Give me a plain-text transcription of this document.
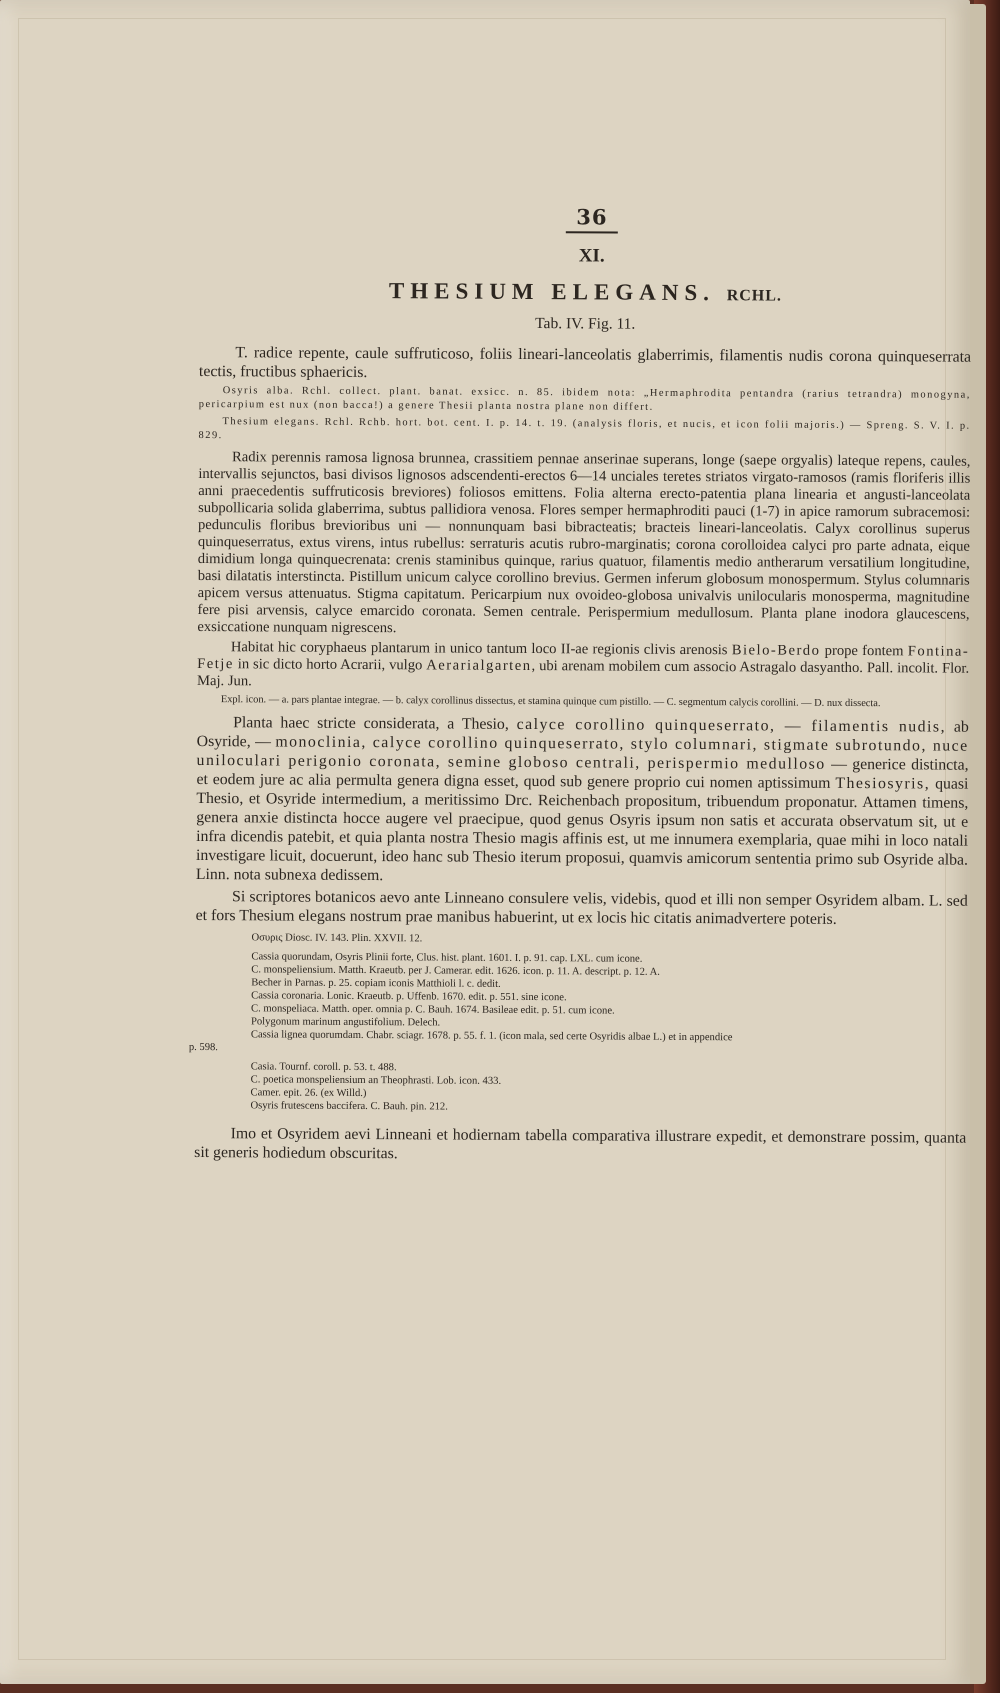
36
XI.
THESIUM ELEGANS. RCHL.
Tab. IV. Fig. 11.

T. radice repente, caule suffruticoso, foliis lineari-lanceolatis glaberrimis, filamentis nudis corona quinqueserrata tectis, fructibus sphaericis.

Osyris alba. Rchl. collect. plant. banat. exsicc. n. 85. ibidem nota: „Hermaphrodita pentandra (rarius tetrandra) monogyna, pericarpium est nux (non bacca!) a genere Thesii planta nostra plane non differt.

Thesium elegans. Rchl. Rchb. hort. bot. cent. I. p. 14. t. 19. (analysis floris, et nucis, et icon folii majoris.) — Spreng. S. V. I. p. 829.

Radix perennis ramosa lignosa brunnea, crassitiem pennae anserinae superans, longe (saepe orgyalis) lateque repens, caules, intervallis sejunctos, basi divisos lignosos adscendenti-erectos 6—14 unciales teretes striatos virgato-ramosos (ramis floriferis illis anni praecedentis suffruticosis breviores) foliosos emittens. Folia alterna erecto-patentia plana linearia et angusti-lanceolata subpollicaria solida glaberrima, subtus pallidiora venosa. Flores semper hermaphroditi pauci (1-7) in apice ramorum subracemosi: pedunculis floribus brevioribus uni — nonnunquam basi bibracteatis; bracteis lineari-lanceolatis. Calyx corollinus superus quinqueserratus, extus virens, intus rubellus: serraturis acutis rubro-marginatis; corona corolloidea calyci pro parte adnata, eique dimidium longa quinquecrenata: crenis staminibus quinque, rarius quatuor, filamentis medio antherarum versatilium longitudine, basi dilatatis interstincta. Pistillum unicum calyce corollino brevius. Germen inferum globosum monospermum. Stylus columnaris apicem versus attenuatus. Stigma capitatum. Pericarpium nux ovoideo-globosa univalvis unilocularis monosperma, magnitudine fere pisi arvensis, calyce emarcido coronata. Semen centrale. Perispermium medullosum. Planta plane inodora glaucescens, exsiccatione nunquam nigrescens.

Habitat hic coryphaeus plantarum in unico tantum loco II-ae regionis clivis arenosis Bielo-Berdo prope fontem Fontina-Fetje in sic dicto horto Acrarii, vulgo Aerarialgarten, ubi arenam mobilem cum associo Astragalo dasyantho. Pall. incolit. Flor. Maj. Jun.

Expl. icon. — a. pars plantae integrae. — b. calyx corollinus dissectus, et stamina quinque cum pistillo. — C. segmentum calycis corollini. — D. nux dissecta.

Planta haec stricte considerata, a Thesio, calyce corollino quinqueserrato, — filamentis nudis, ab Osyride, — monoclinia, calyce corollino quinqueserrato, stylo columnari, stigmate subrotundo, nuce uniloculari perigonio coronata, semine globoso centrali, perispermio medulloso — generice distincta, et eodem jure ac alia permulta genera digna esset, quod sub genere proprio cui nomen aptissimum Thesiosyris, quasi Thesio, et Osyride intermedium, a meritissimo Drc. Reichenbach propositum, tribuendum proponatur. Attamen timens, genera anxie distincta hocce augere vel praecipue, quod genus Osyris ipsum non satis et accurata observatum sit, ut e infra dicendis patebit, et quia planta nostra Thesio magis affinis est, ut me innumera exemplaria, quae mihi in loco natali investigare licuit, docuerunt, ideo hanc sub Thesio iterum proposui, quamvis amicorum sententia primo sub Osyride alba. Linn. nota subnexa dedissem.

Si scriptores botanicos aevo ante Linneano consulere velis, videbis, quod et illi non semper Osyridem albam. L. sed et fors Thesium elegans nostrum prae manibus habuerint, ut ex locis hic citatis animadvertere poteris.

Οσυρις Diosc. IV. 143. Plin. XXVII. 12.
Cassia quorundam, Osyris Plinii forte, Clus. hist. plant. 1601. I. p. 91. cap. LXL. cum icone.
C. monspeliensium. Matth. Kraeutb. per J. Camerar. edit. 1626. icon. p. 11. A. descript. p. 12. A.
Becher in Parnas. p. 25. copiam iconis Matthioli l. c. dedit.
Cassia coronaria. Lonic. Kraeutb. p. Uffenb. 1670. edit. p. 551. sine icone.
C. monspeliaca. Matth. oper. omnia p. C. Bauh. 1674. Basileae edit. p. 51. cum icone.
Polygonum marinum angustifolium. Delech.
Cassia lignea quorumdam. Chabr. sciagr. 1678. p. 55. f. 1. (icon mala, sed certe Osyridis albae L.) et in appendice
p. 598.
Casia. Tournf. coroll. p. 53. t. 488.
C. poetica monspeliensium an Theophrasti. Lob. icon. 433.
Camer. epit. 26. (ex Willd.)
Osyris frutescens baccifera. C. Bauh. pin. 212.

Imo et Osyridem aevi Linneani et hodiernam tabella comparativa illustrare expedit, et demonstrare possim, quanta sit generis hodiedum obscuritas.
